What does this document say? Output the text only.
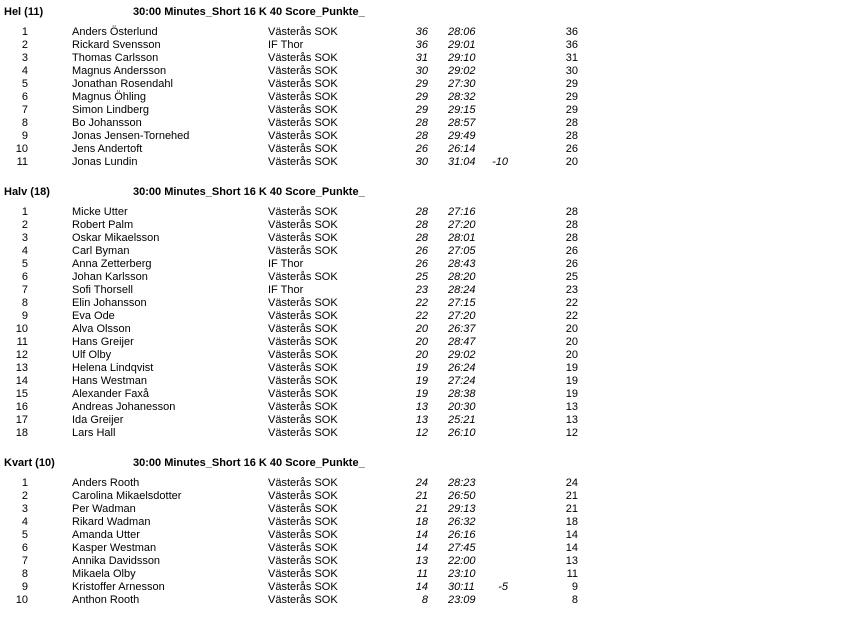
Hel (11)	30:00 Minutes_Short 16 K 40 Score_Punkte_
1	Anders Österlund	Västerås SOK	36 28:06	36
2	Rickard Svensson	IF Thor	36 29:01	36
3	Thomas Carlsson	Västerås SOK	31 29:10	31
4	Magnus Andersson	Västerås SOK	30 29:02	30
5	Jonathan Rosendahl	Västerås SOK	29 27:30	29
6	Magnus Öhling	Västerås SOK	29 28:32	29
7	Simon Lindberg	Västerås SOK	29 29:15	29
8	Bo Johansson	Västerås SOK	28 28:57	28
9	Jonas Jensen-Tornehed	Västerås SOK	28 29:49	28
10	Jens Andertoft	Västerås SOK	26 26:14	26
11	Jonas Lundin	Västerås SOK	30 31:04	-10	20
Halv (18)	30:00 Minutes_Short 16 K 40 Score_Punkte_
1	Micke Utter	Västerås SOK	28 27:16	28
2	Robert Palm	Västerås SOK	28 27:20	28
3	Oskar Mikaelsson	Västerås SOK	28 28:01	28
4	Carl Byman	Västerås SOK	26 27:05	26
5	Anna Zetterberg	IF Thor	26 28:43	26
6	Johan Karlsson	Västerås SOK	25 28:20	25
7	Sofi Thorsell	IF Thor	23 28:24	23
8	Elin Johansson	Västerås SOK	22 27:15	22
9	Eva Ode	Västerås SOK	22 27:20	22
10	Alva Olsson	Västerås SOK	20 26:37	20
11	Hans Greijer	Västerås SOK	20 28:47	20
12	Ulf Olby	Västerås SOK	20 29:02	20
13	Helena Lindqvist	Västerås SOK	19 26:24	19
14	Hans Westman	Västerås SOK	19 27:24	19
15	Alexander Faxå	Västerås SOK	19 28:38	19
16	Andreas Johanesson	Västerås SOK	13 20:30	13
17	Ida Greijer	Västerås SOK	13 25:21	13
18	Lars Hall	Västerås SOK	12 26:10	12
Kvart (10)	30:00 Minutes_Short 16 K 40 Score_Punkte_
1	Anders Rooth	Västerås SOK	24 28:23	24
2	Carolina Mikaelsdotter	Västerås SOK	21 26:50	21
3	Per Wadman	Västerås SOK	21 29:13	21
4	Rikard Wadman	Västerås SOK	18 26:32	18
5	Amanda Utter	Västerås SOK	14 26:16	14
6	Kasper Westman	Västerås SOK	14 27:45	14
7	Annika Davidsson	Västerås SOK	13 22:00	13
8	Mikaela Olby	Västerås SOK	11 23:10	11
9	Kristoffer Arnesson	Västerås SOK	14 30:11	-5	9
10	Anthon Rooth	Västerås SOK	8 23:09	8
